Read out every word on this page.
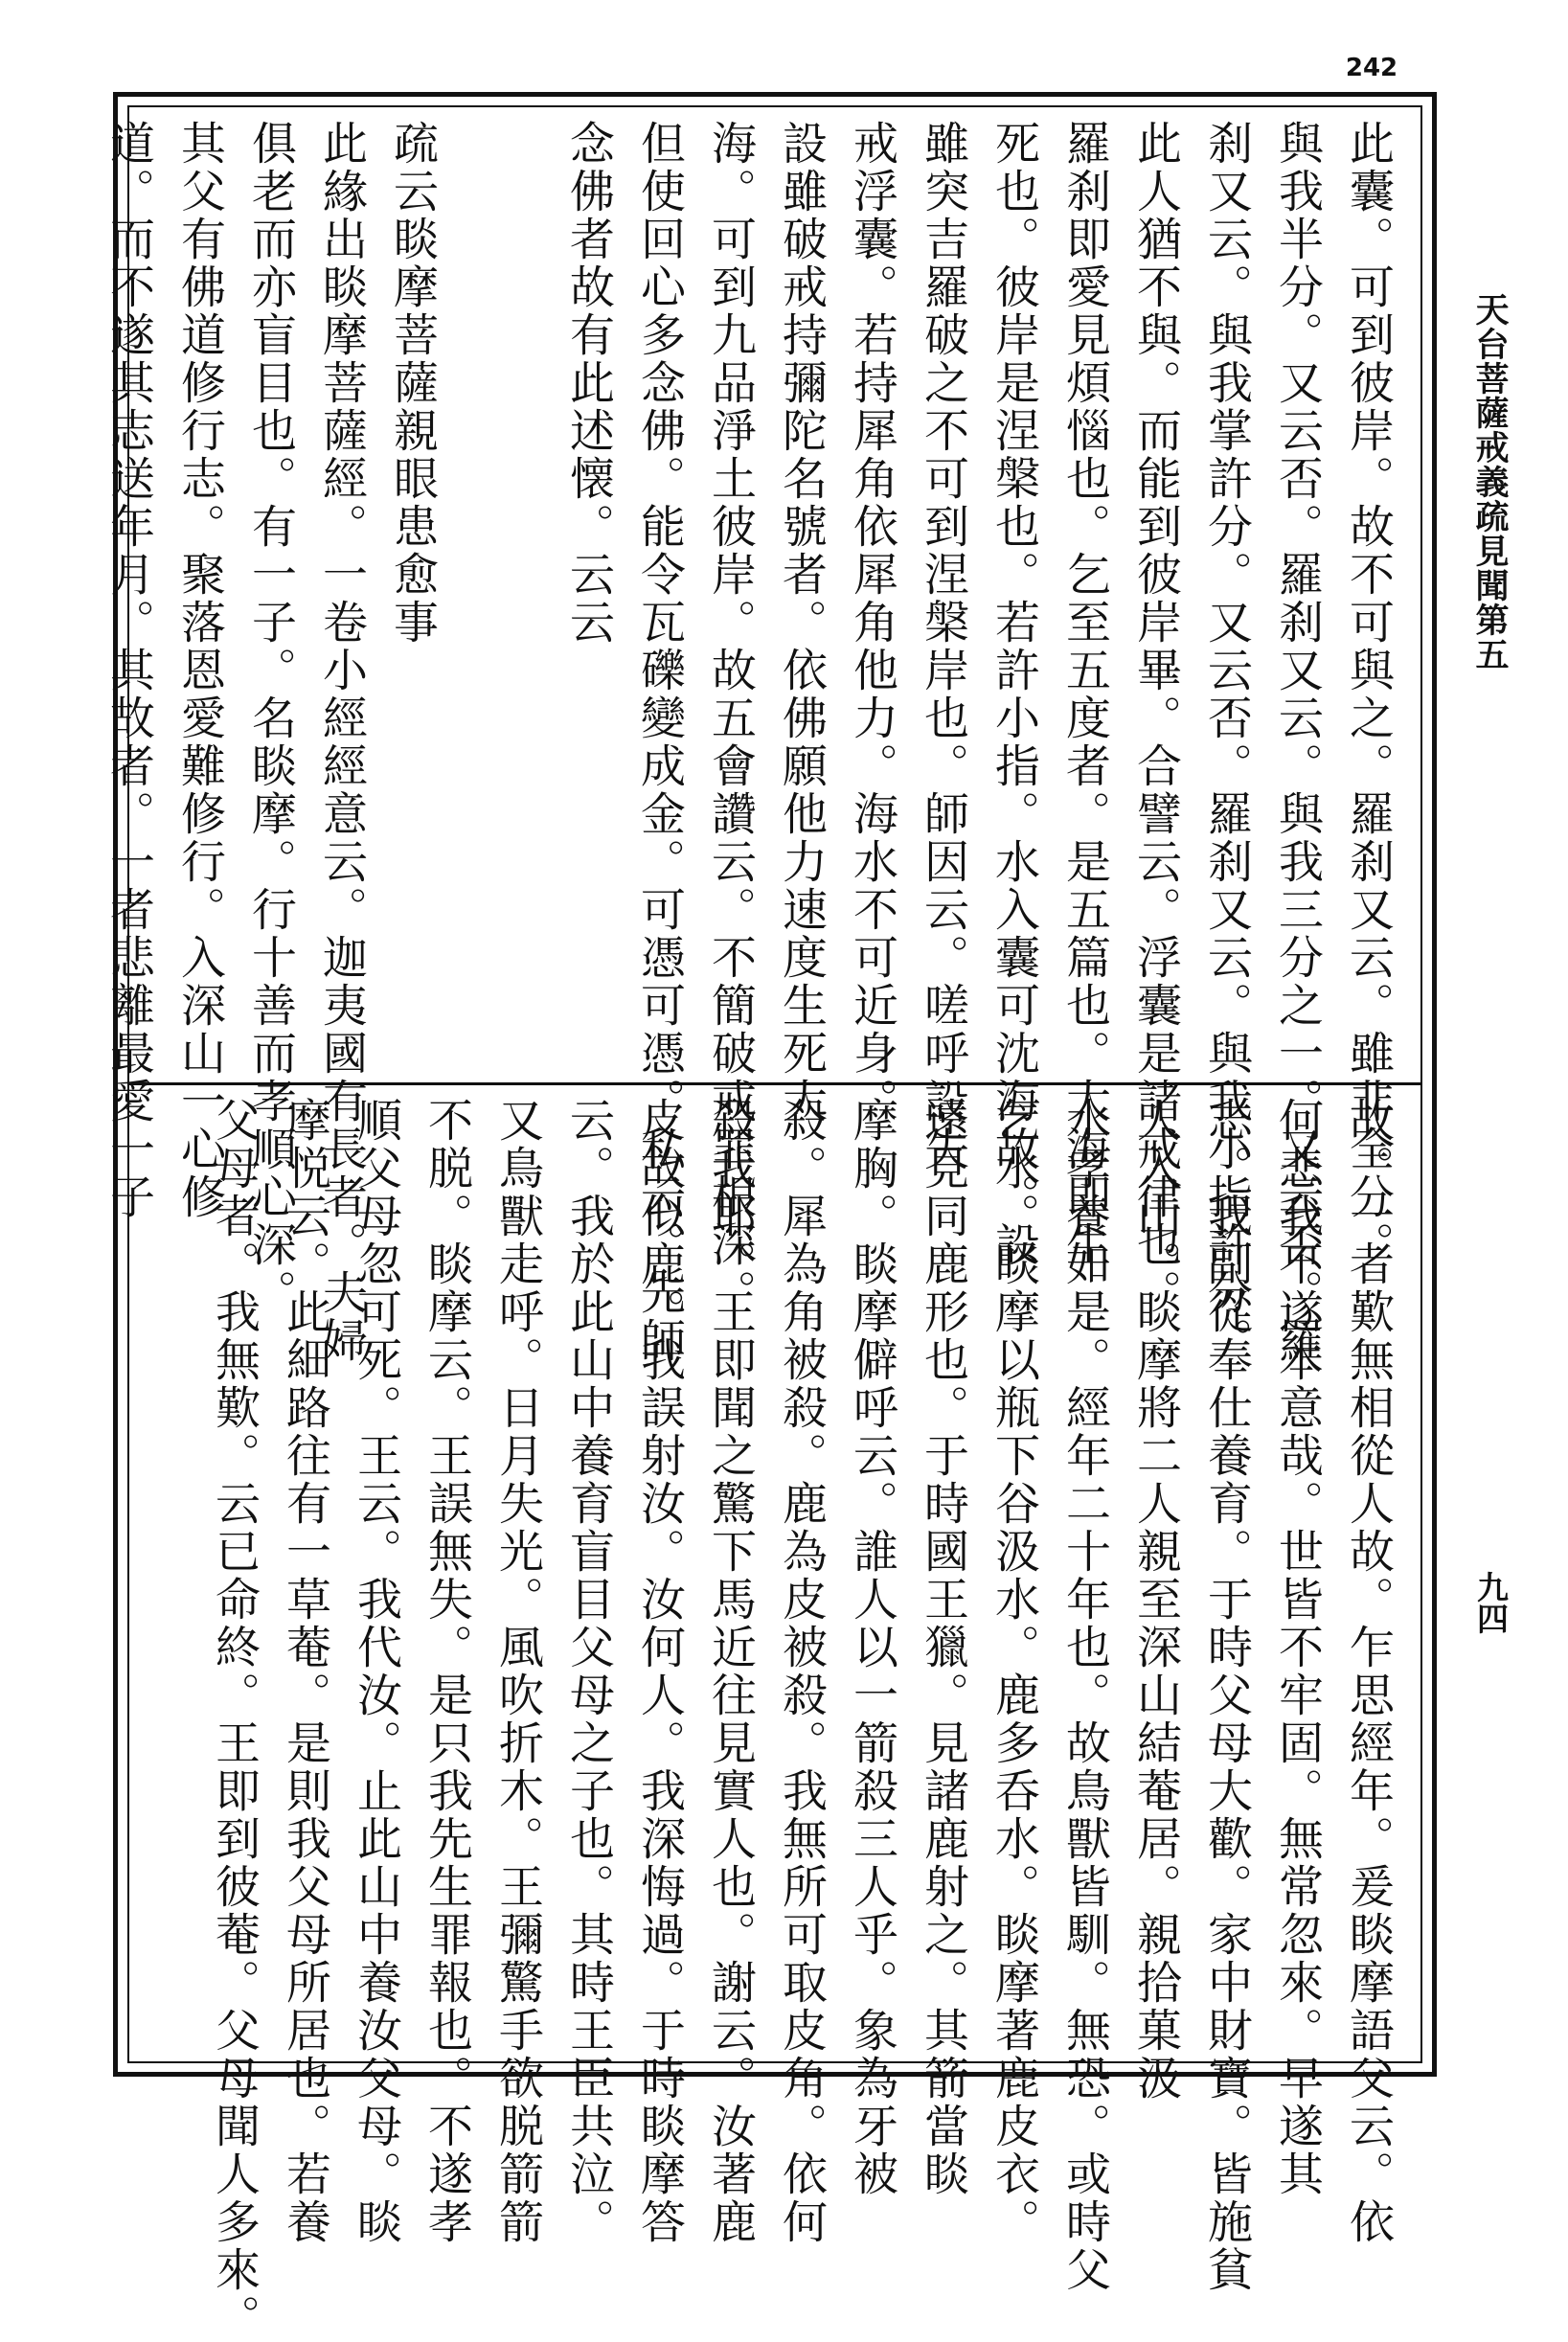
242
天台菩薩戒義疏見聞第五
九四
此囊。可到彼岸。故不可與之。羅刹又云。雖非全分。
與我半分。又云否。羅刹又云。與我三分之一。又云否。羅
刹又云。與我掌許分。又云否。羅刹又云。與我小指許分。
此人猶不與。而能到彼岸畢。合譬云。浮囊是諸戒律也。
羅刹即愛見煩惱也。乞至五度者。是五篇也。大海即生
死也。彼岸是涅槃也。若許小指。水入囊可沈海故。設
雖突吉羅破之不可到涅槃岸也。師因云。嗟呼設失
戒浮囊。若持犀角依犀角他力。海水不可近身。
設雖破戒持彌陀名號者。依佛願他力速度生死大
海。可到九品淨土彼岸。故五會讚云。不簡破戒罪根深。
但使回心多念佛。能令瓦礫變成金。可憑可憑。私云。先師
念佛者故有此述懐。云云
疏云睒摩菩薩親眼患愈事
此緣出睒摩菩薩經。一卷小經經意云。迦夷國有長者。夫婦
俱老而亦盲目也。有一子。名睒摩。行十善而孝順心深。
其父有佛道修行志。聚落恩愛難修行。入深山一心修
道。而不遂其志送年月。其故者。一者悲離最愛一子
故。一者歎無相從人故。乍思經年。爰睒摩語父云。依
何悲我不遂本意哉。世皆不牢固。無常忽來。早遂其
志。我副從奉仕養育。于時父母大歡。家中財寶。皆施貧
人入山。睒摩將二人親至深山結菴居。親拾菓汲
水孝養如是。經年二十年也。故鳥獸皆馴。無恐。或時父
乞水。睒摩以瓶下谷汲水。鹿多呑水。睒摩著鹿皮衣。
遠見同鹿形也。于時國王獵。見諸鹿射之。其箭當睒
摩胸。睒摩僻呼云。誰人以一箭殺三人乎。象為牙被
殺。犀為角被殺。鹿為皮被殺。我無所可取皮角。依何
殺我耶。王即聞之驚下馬近往見實人也。謝云。汝著鹿
皮故似鹿。我誤射汝。汝何人。我深悔過。于時睒摩答
云。我於此山中養育盲目父母之子也。其時王臣共泣。
又鳥獸走呼。日月失光。風吹折木。王彌驚手欲脱箭箭
不脱。睒摩云。王誤無失。是只我先生罪報也。不遂孝
順父母忽可死。王云。我代汝。止此山中養汝父母。睒
摩悦云。此細路往有一草菴。是則我父母所居也。若養
父母者。我無歎。云已命終。王即到彼菴。父母聞人多來。
